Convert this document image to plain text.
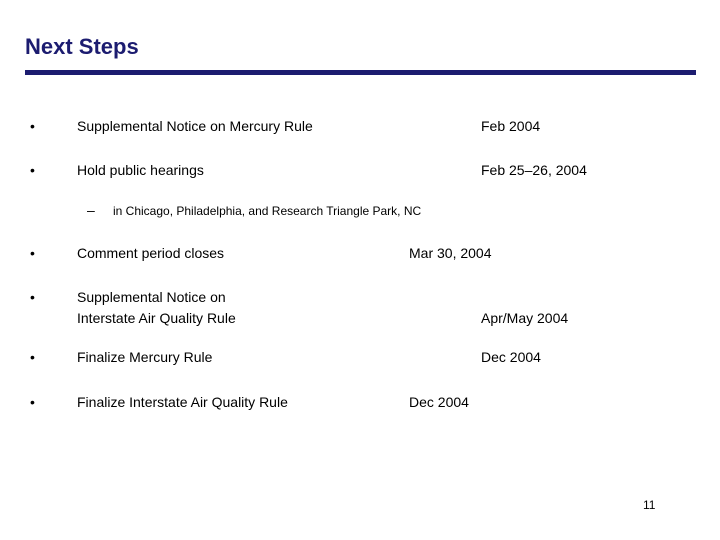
Next Steps
•	Supplemental Notice on Mercury Rule	Feb 2004
•	Hold public hearings	Feb 25–26, 2004
– in Chicago, Philadelphia, and Research Triangle Park, NC
•	Comment period closes	Mar 30, 2004
•	Supplemental Notice on
Interstate Air Quality Rule	Apr/May 2004
•	Finalize Mercury Rule	Dec 2004
•	Finalize Interstate Air Quality Rule	Dec 2004
11
